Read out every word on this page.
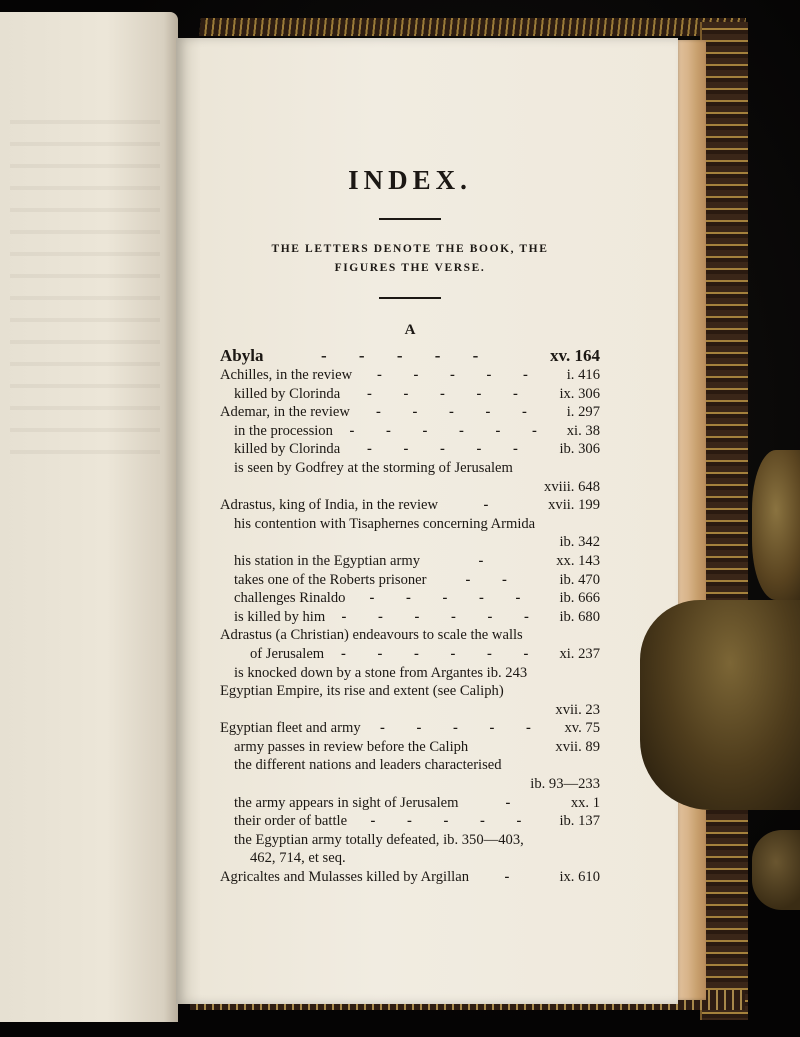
INDEX.
THE LETTERS DENOTE THE BOOK, THE
FIGURES THE VERSE.
A
Abyla	- - - - -	xv. 164
Achilles, in the review - - - - - i. 416
killed by Clorinda - - - - - ix. 306
Ademar, in the review - - - - - i. 297
in the procession - - - - - - xi. 38
killed by Clorinda - - - - - ib. 306
is seen by Godfrey at the storming of Jerusalem
xviii. 648
Adrastus, king of India, in the review	-	xvii. 199
his contention with Tisaphernes concerning Armida
ib. 342
his station in the Egyptian army	-	xx. 143
takes one of the Roberts prisoner	- -	ib. 470
challenges Rinaldo - - - - - ib. 666
is killed by him - - - - - - ib. 680
Adrastus (a Christian) endeavours to scale the walls
of Jerusalem - - - - - - xi. 237
is knocked down by a stone from Argantes ib. 243
Egyptian Empire, its rise and extent (see Caliph)
xvii. 23
Egyptian fleet and army - - - - - xv. 75
army passes in review before the Caliph	xvii. 89
the different nations and leaders characterised
ib. 93—233
the army appears in sight of Jerusalem	-	xx. 1
their order of battle - - - - - ib. 137
the Egyptian army totally defeated, ib. 350—403,
462, 714, et seq.
Agricaltes and Mulasses killed by Argillan - ix. 610
